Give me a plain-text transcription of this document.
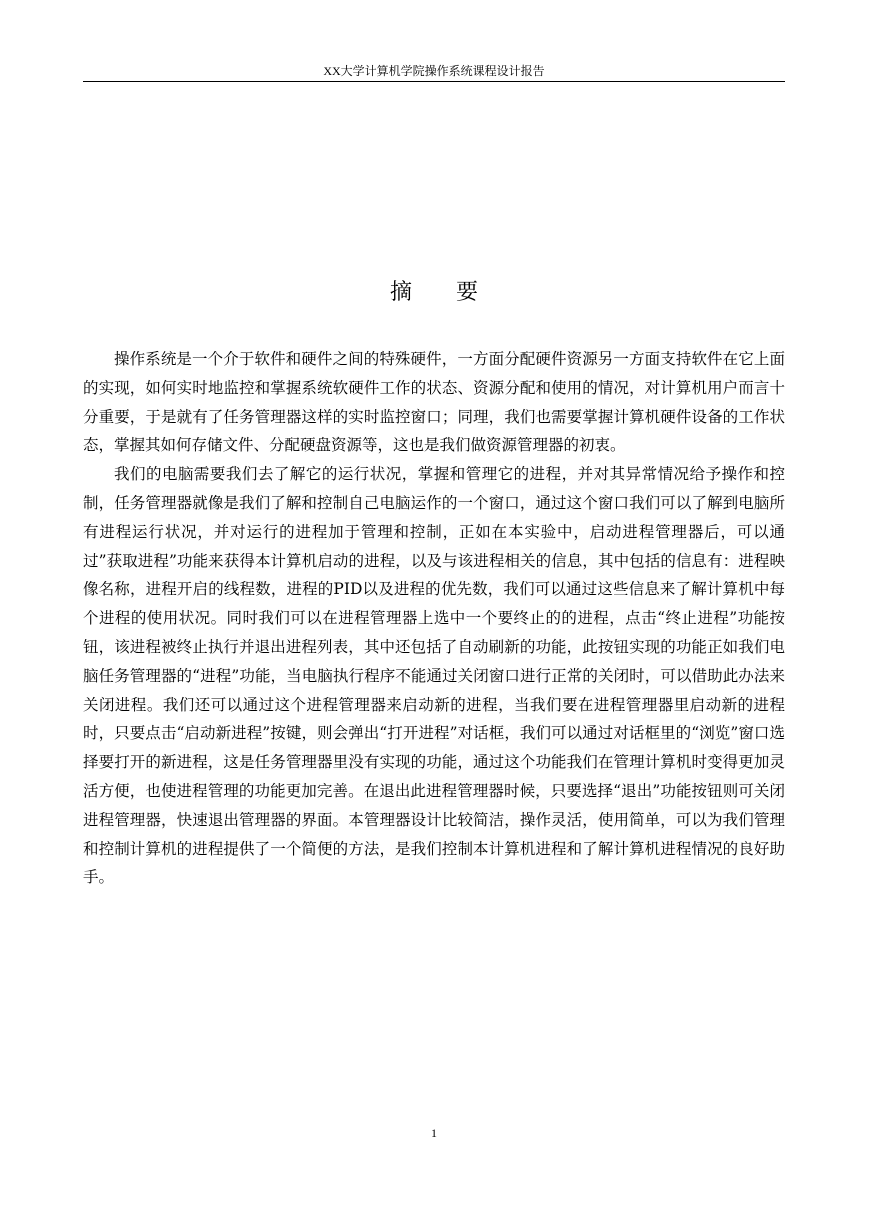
XX大学计算机学院操作系统课程设计报告
摘 要

操作系统是一个介于软件和硬件之间的特殊硬件，一方面分配硬件资源另一方面支持软件在它上面的实现，如何实时地监控和掌握系统软硬件工作的状态、资源分配和使用的情况，对计算机用户而言十分重要，于是就有了任务管理器这样的实时监控窗口；同理，我们也需要掌握计算机硬件设备的工作状态，掌握其如何存储文件、分配硬盘资源等，这也是我们做资源管理器的初衷。

我们的电脑需要我们去了解它的运行状况，掌握和管理它的进程，并对其异常情况给予操作和控制，任务管理器就像是我们了解和控制自己电脑运作的一个窗口，通过这个窗口我们可以了解到电脑所有进程运行状况，并对运行的进程加于管理和控制，正如在本实验中，启动进程管理器后，可以通过”获取进程”功能来获得本计算机启动的进程，以及与该进程相关的信息，其中包括的信息有：进程映像名称，进程开启的线程数，进程的PID以及进程的优先数，我们可以通过这些信息来了解计算机中每个进程的使用状况。同时我们可以在进程管理器上选中一个要终止的的进程，点击“终止进程”功能按钮，该进程被终止执行并退出进程列表，其中还包括了自动刷新的功能，此按钮实现的功能正如我们电脑任务管理器的“进程”功能，当电脑执行程序不能通过关闭窗口进行正常的关闭时，可以借助此办法来关闭进程。我们还可以通过这个进程管理器来启动新的进程，当我们要在进程管理器里启动新的进程时，只要点击“启动新进程”按键，则会弹出“打开进程”对话框，我们可以通过对话框里的“浏览”窗口选择要打开的新进程，这是任务管理器里没有实现的功能，通过这个功能我们在管理计算机时变得更加灵活方便，也使进程管理的功能更加完善。在退出此进程管理器时候，只要选择“退出”功能按钮则可关闭进程管理器，快速退出管理器的界面。本管理器设计比较简洁，操作灵活，使用简单，可以为我们管理和控制计算机的进程提供了一个简便的方法，是我们控制本计算机进程和了解计算机进程情况的良好助手。

1
